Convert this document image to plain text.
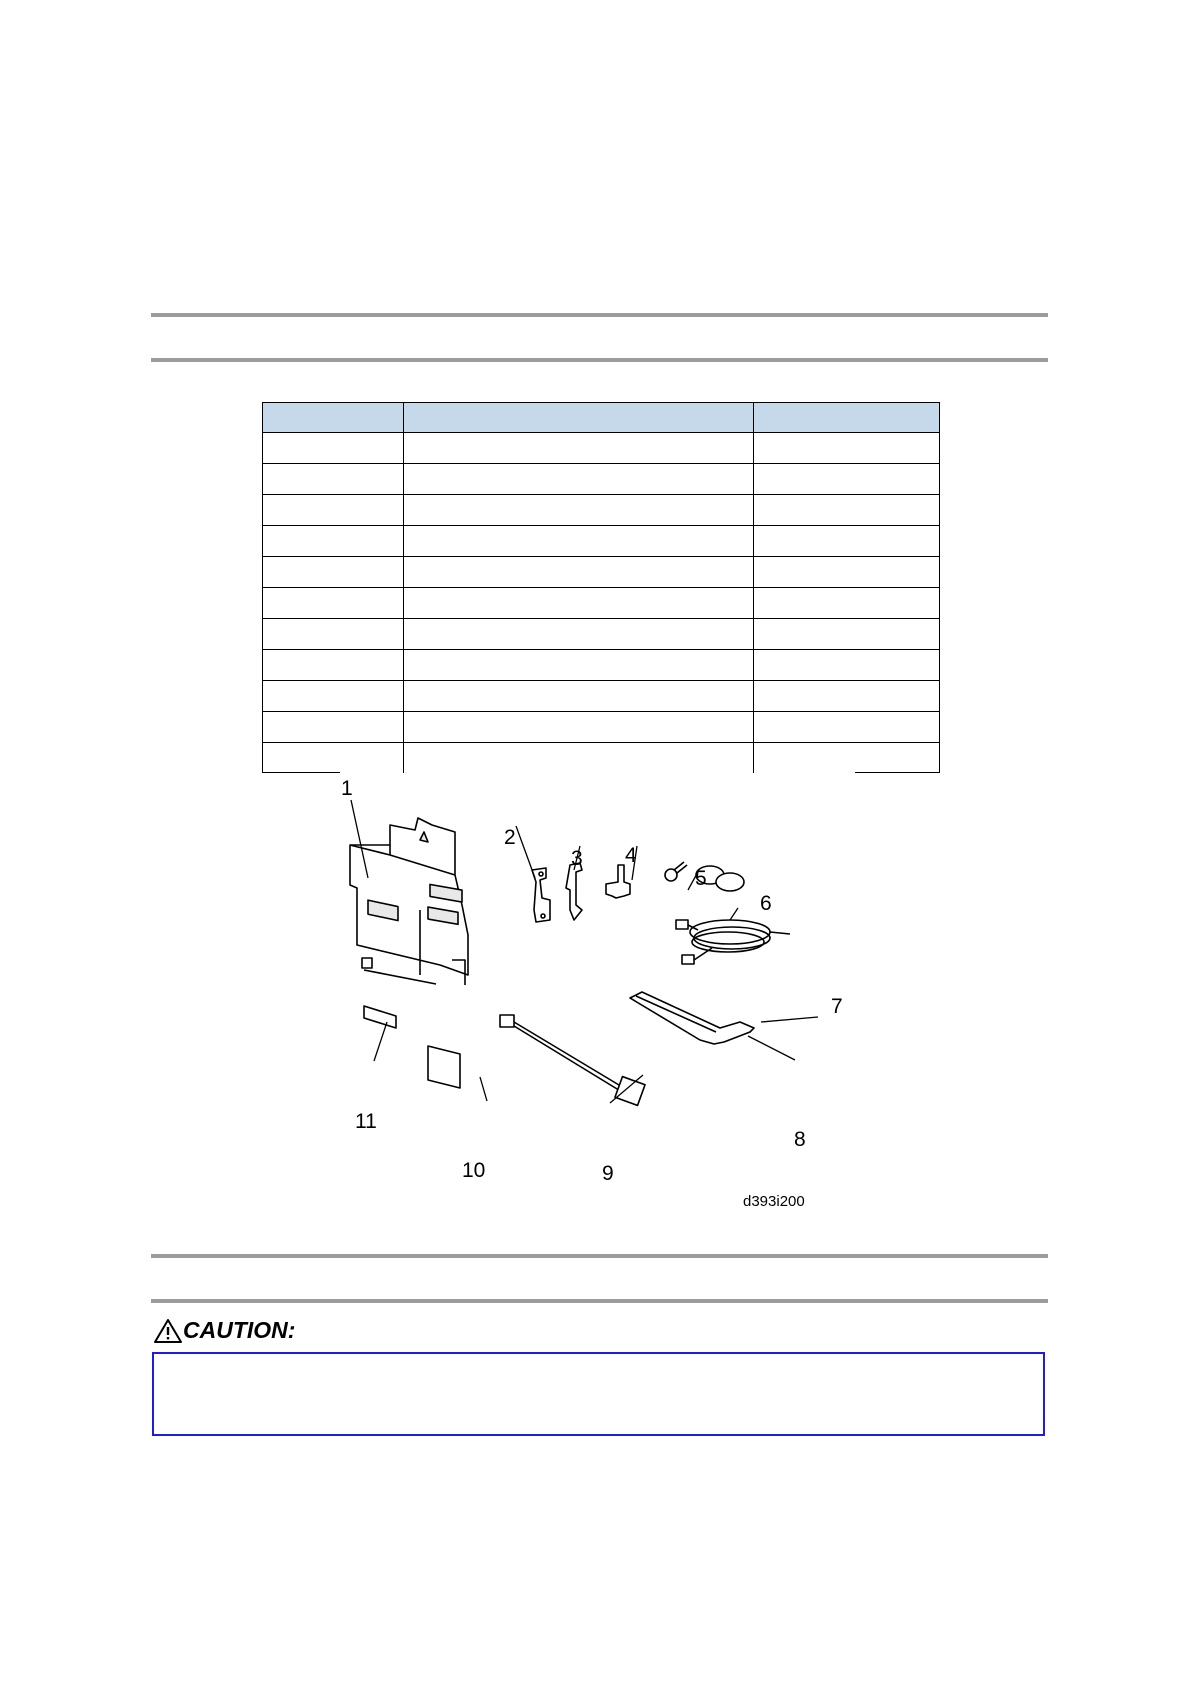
1
2
3 4
5
6
7
8
9
10
11
d393i200
CAUTION:
